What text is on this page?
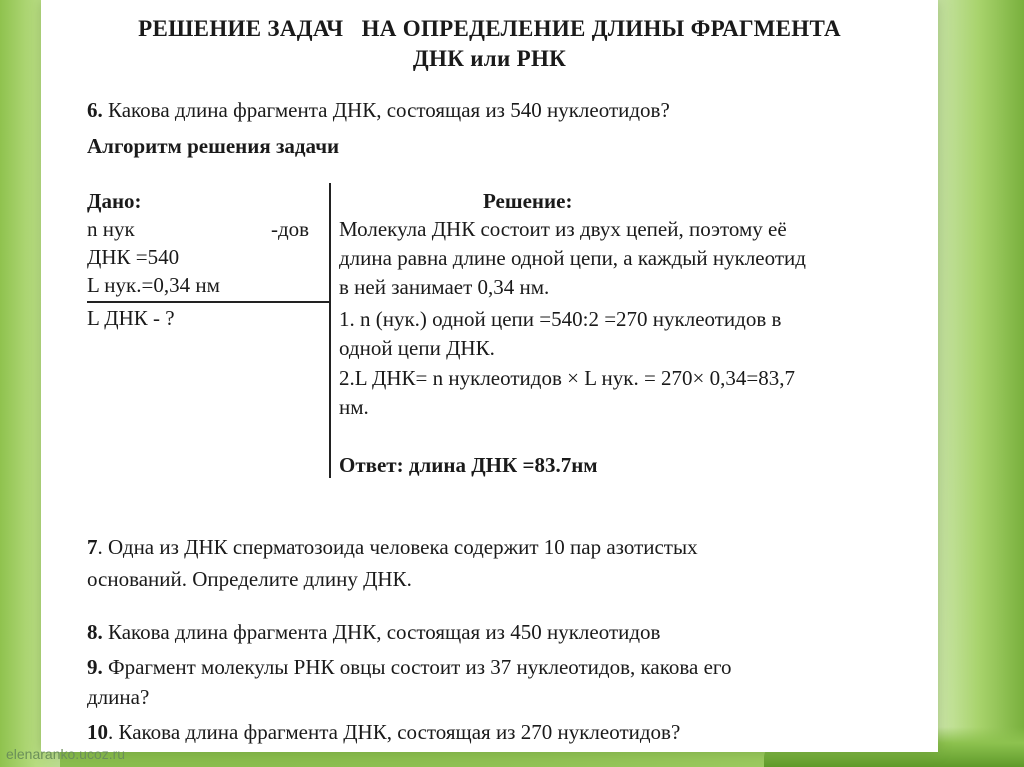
РЕШЕНИЕ ЗАДАЧ   НА ОПРЕДЕЛЕНИЕ ДЛИНЫ ФРАГМЕНТА
ДНК или РНК
6. Какова длина фрагмента ДНК, состоящая из 540 нуклеотидов?
Алгоритм решения задачи
Дано:
n нук	-дов
ДНК =540
L нук.=0,34 нм
L ДНК - ?
Решение:
Молекула ДНК состоит из двух цепей, поэтому её
длина равна длине одной цепи, а каждый нуклеотид
в ней занимает 0,34 нм.
1. n (нук.) одной цепи =540:2 =270 нуклеотидов в
одной цепи ДНК.
2.L ДНК= n нуклеотидов × L нук. = 270× 0,34=83,7
нм.
Ответ: длина ДНК =83.7нм
7. Одна из ДНК сперматозоида человека содержит 10 пар азотистых
оснований. Определите длину ДНК.
8. Какова длина фрагмента ДНК, состоящая из 450 нуклеотидов
9. Фрагмент молекулы РНК овцы состоит из 37 нуклеотидов, какова его
длина?
10. Какова длина фрагмента ДНК, состоящая из 270 нуклеотидов?
elenaranko.ucoz.ru
